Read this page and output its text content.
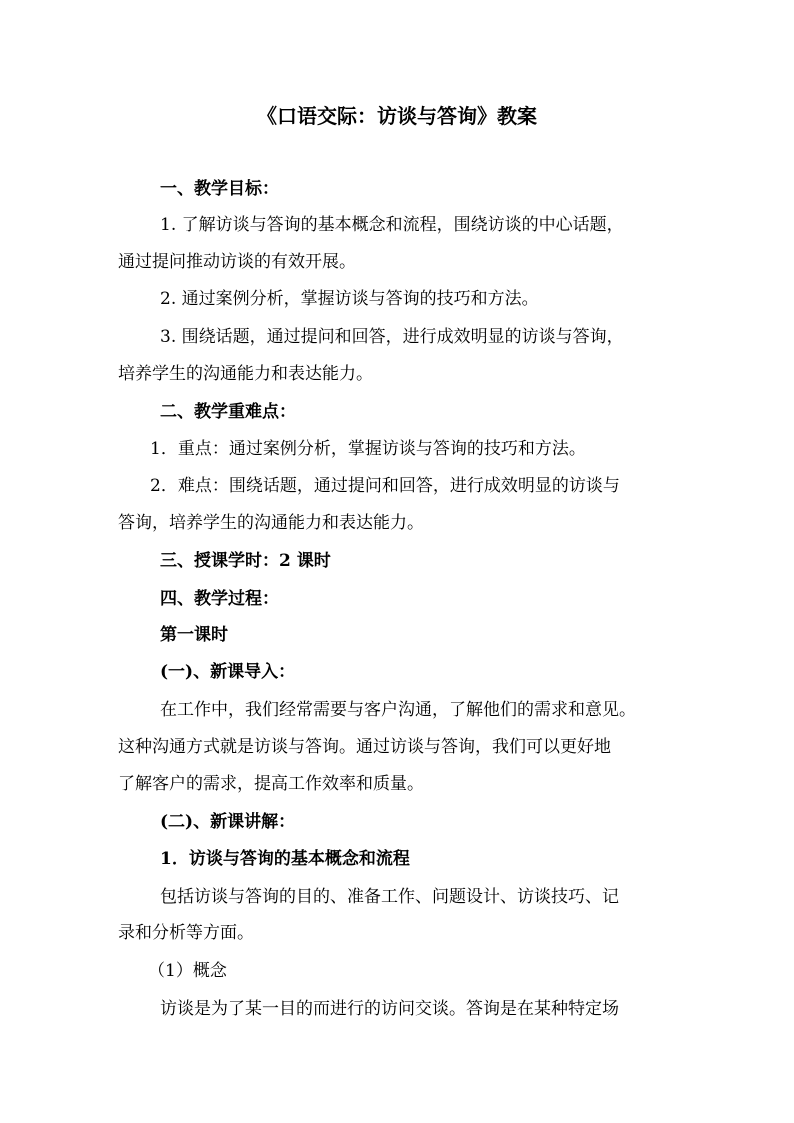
《口语交际：访谈与答询》教案
一、教学目标：
1. 了解访谈与答询的基本概念和流程，围绕访谈的中心话题，
通过提问推动访谈的有效开展。
2. 通过案例分析，掌握访谈与答询的技巧和方法。
3. 围绕话题，通过提问和回答，进行成效明显的访谈与答询，
培养学生的沟通能力和表达能力。
二、教学重难点：
1．重点：通过案例分析，掌握访谈与答询的技巧和方法。
2．难点：围绕话题，通过提问和回答，进行成效明显的访谈与
答询，培养学生的沟通能力和表达能力。
三、授课学时：2 课时
四、教学过程：
第一课时
(一)、新课导入：
在工作中，我们经常需要与客户沟通，了解他们的需求和意见。
这种沟通方式就是访谈与答询。通过访谈与答询，我们可以更好地
了解客户的需求，提高工作效率和质量。
(二)、新课讲解：
1．访谈与答询的基本概念和流程
包括访谈与答询的目的、准备工作、问题设计、访谈技巧、记
录和分析等方面。
（1）概念
访谈是为了某一目的而进行的访问交谈。答询是在某种特定场
